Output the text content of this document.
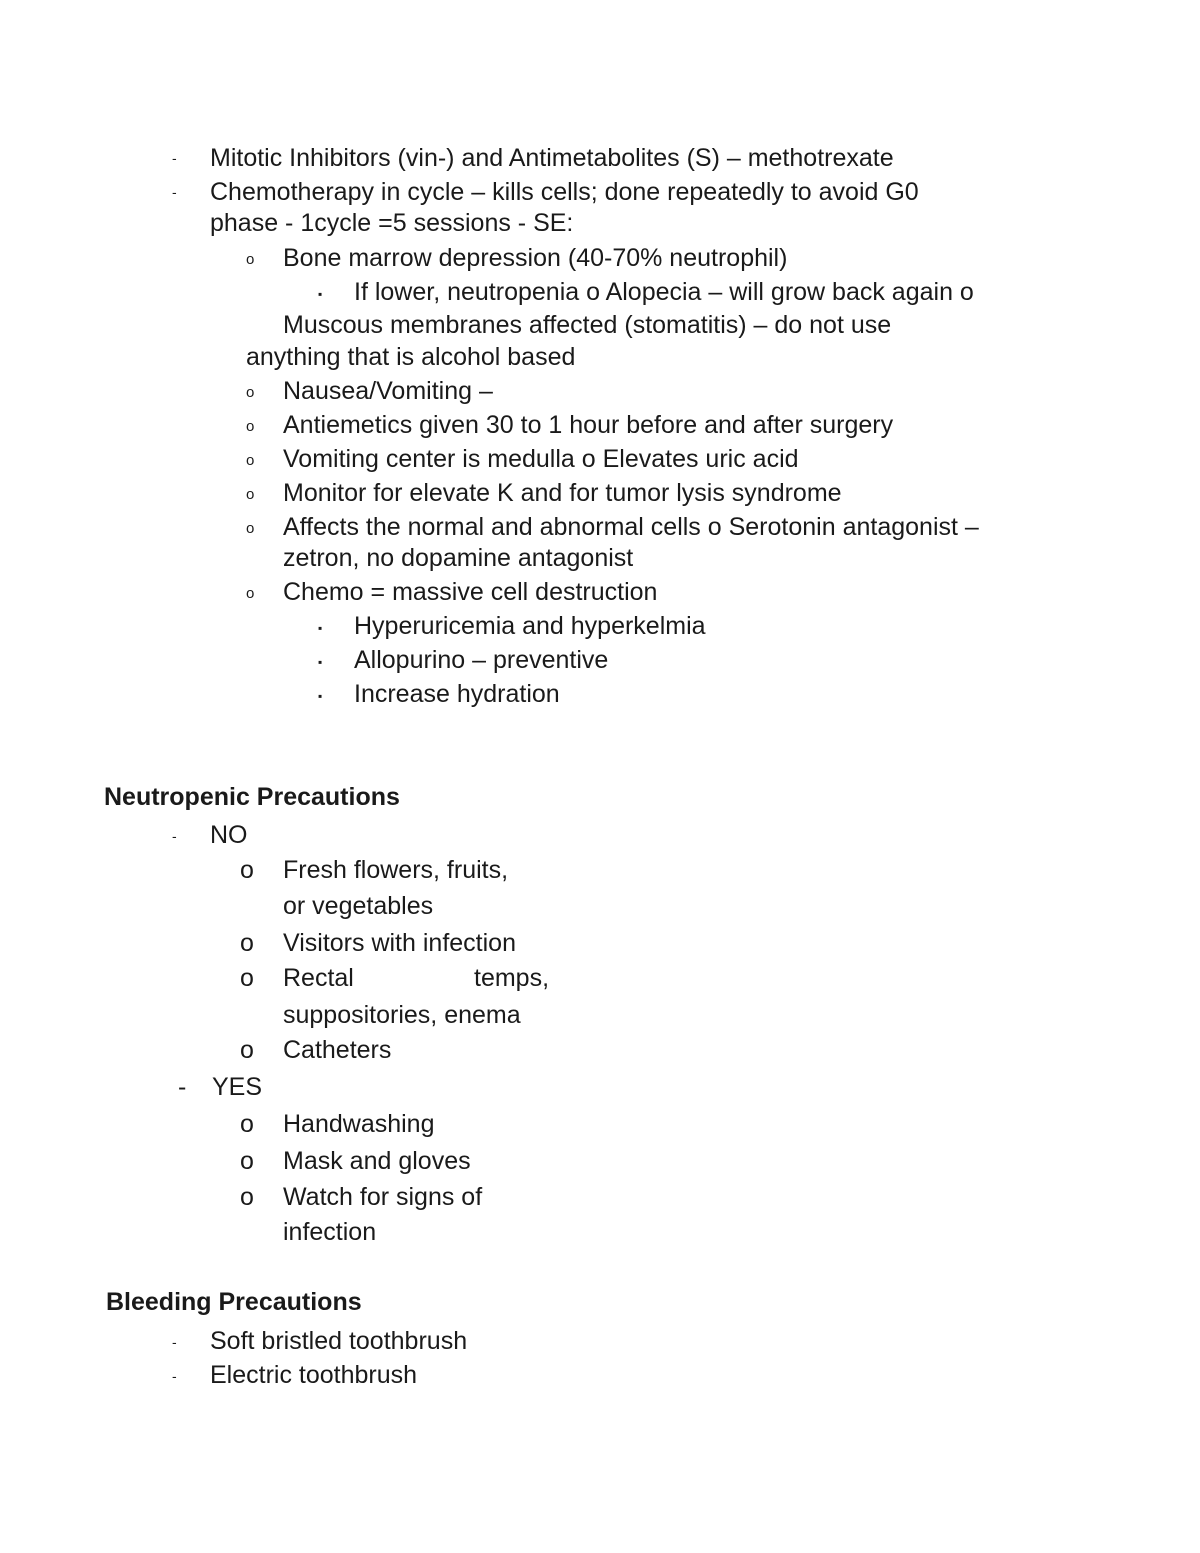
- Mitotic Inhibitors (vin-) and Antimetabolites (S) – methotrexate
- Chemotherapy in cycle – kills cells; done repeatedly to avoid G0
phase - 1cycle =5 sessions - SE:
o Bone marrow depression (40-70% neutrophil)
▪ If lower, neutropenia o Alopecia – will grow back again o
Muscous membranes affected (stomatitis) – do not use
anything that is alcohol based
o Nausea/Vomiting –
o Antiemetics given 30 to 1 hour before and after surgery
o Vomiting center is medulla o Elevates uric acid
o Monitor for elevate K and for tumor lysis syndrome
o Affects the normal and abnormal cells o Serotonin antagonist –
zetron, no dopamine antagonist
o Chemo = massive cell destruction
▪ Hyperuricemia and hyperkelmia
▪ Allopurino – preventive
▪ Increase hydration
Neutropenic Precautions
- NO
o Fresh flowers, fruits,
or vegetables
o Visitors with infection
o Rectal	temps,
suppositories, enema
o Catheters
- YES
o Handwashing
o Mask and gloves
o Watch for signs of
infection
Bleeding Precautions
- Soft bristled toothbrush
- Electric toothbrush
